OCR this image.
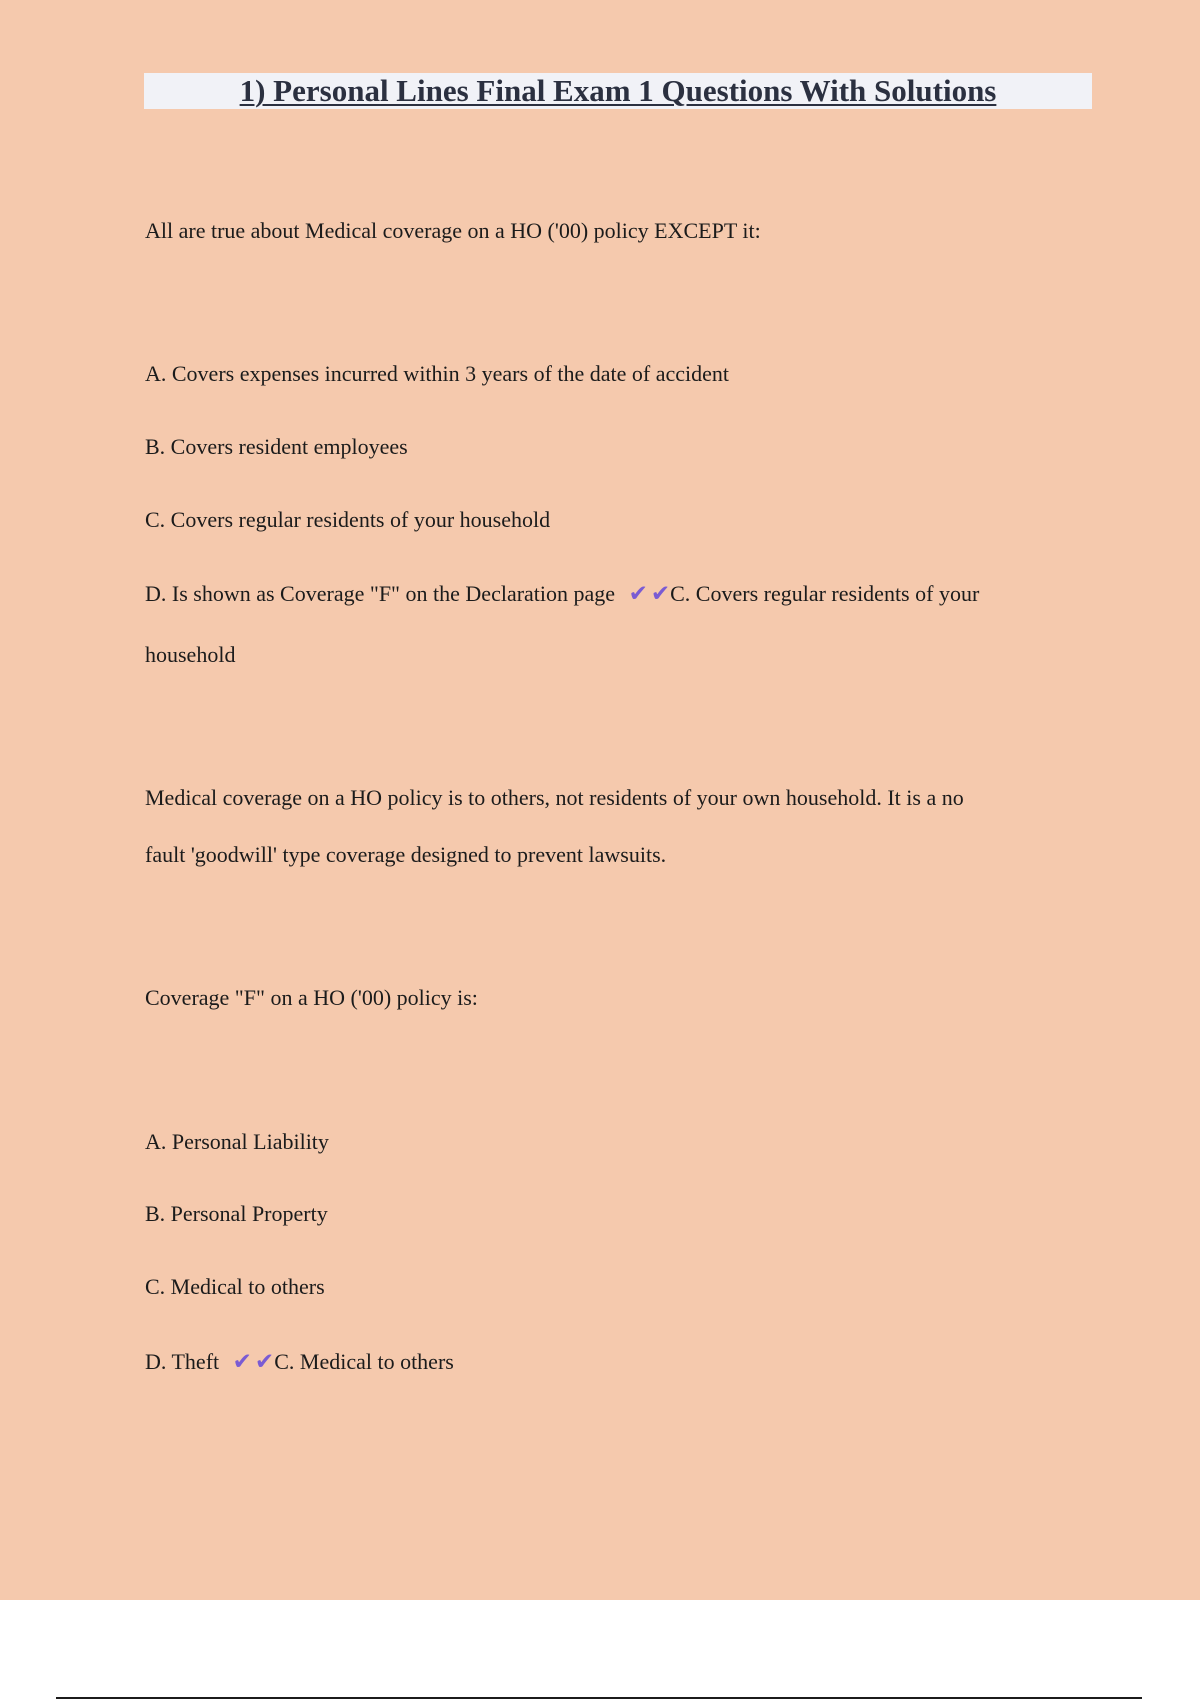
1) Personal Lines Final Exam 1 Questions With Solutions
All are true about Medical coverage on a HO ('00) policy EXCEPT it:
A. Covers expenses incurred within 3 years of the date of accident
B. Covers resident employees
C. Covers regular residents of your household
D. Is shown as Coverage "F" on the Declaration page ✔ ✔C. Covers regular residents of your
household
Medical coverage on a HO policy is to others, not residents of your own household. It is a no
fault 'goodwill' type coverage designed to prevent lawsuits.
Coverage "F" on a HO ('00) policy is:
A. Personal Liability
B. Personal Property
C. Medical to others
D. Theft ✔ ✔C. Medical to others
